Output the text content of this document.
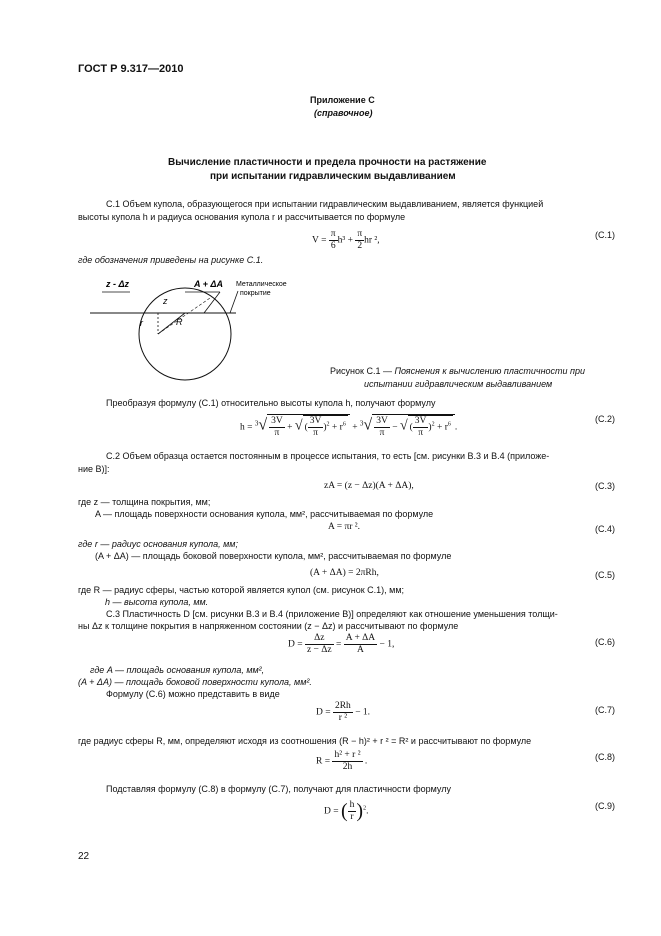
ГОСТ Р 9.317—2010
Приложение С
(справочное)
Вычисление пластичности и предела прочности на растяжение
при испытании гидравлическим выдавливанием
С.1 Объем купола, образующегося при испытании гидравлическим выдавливанием, является функцией
высоты купола h и радиуса основания купола r и рассчитывается по формуле
$V = \frac{\pi}{6} h^3 + \frac{\pi}{2}$ hr ²,
(С.1)
где обозначения приведены на рисунке С.1.
z - Δz	A + ΔA Металлическое
покрытие
z
r	R
Рисунок С.1 — Пояснения к вычислению пластичности при
испытании гидравлическим выдавливанием
Преобразуя формулу (С.1) относительно высоты купола h, получают формулу
$h = ^3√ \frac{3V}{\pi}$ + √ ( $\frac{3V}{\pi} )^2 + r^6 + ^3√ \frac{3V}{\pi}$ − √ ( $\frac{3V}{\pi} )^2 + r^6$ .
(С.2)
С.2 Объем образца остается постоянным в процессе испытания, то есть [см. рисунки В.3 и В.4 (приложе-
ние В)]:
zA = (z − Δz)(A + ΔA),	(С.3)
где z — толщина покрытия, мм;
A — площадь поверхности основания купола, мм², рассчитываемая по формуле
A = πr ².	(С.4)
где r — радиус основания купола, мм;
(A + ΔA) — площадь боковой поверхности купола, мм², рассчитываемая по формуле
(A + ΔA) = 2πRh,	(С.5)
где R — радиус сферы, частью которой является купол (см. рисунок С.1), мм;
h — высота купола, мм.
С.3 Пластичность D [см. рисунки В.3 и В.4 (приложение В)] определяют как отношение уменьшения толщи-
ны Δz к толщине покрытия в напряженном состоянии (z − Δz) и рассчитывают по формуле
$D = \frac{\Delta z}{z - \Delta z} = \frac{A + \Delta A}{A} - 1$,	(С.6)
где A — площадь основания купола, мм²,
(A + ΔA) — площадь боковой поверхности купола, мм².
Формулу (С.6) можно представить в виде
$D = \frac{2Rh}{\text{r ²}} - 1$.	(С.7)
где радиус сферы R, мм, определяют исходя из соотношения (R − h)² + r ² = R² и рассчитывают по формуле
$R = \frac{\text{h² + r ²}}{2h}$ .	(С.8)
Подставляя формулу (С.8) в формулу (С.7), получают для пластичности формулу
D = ( $\frac{h}{r} )^2$.
(С.9)
22
